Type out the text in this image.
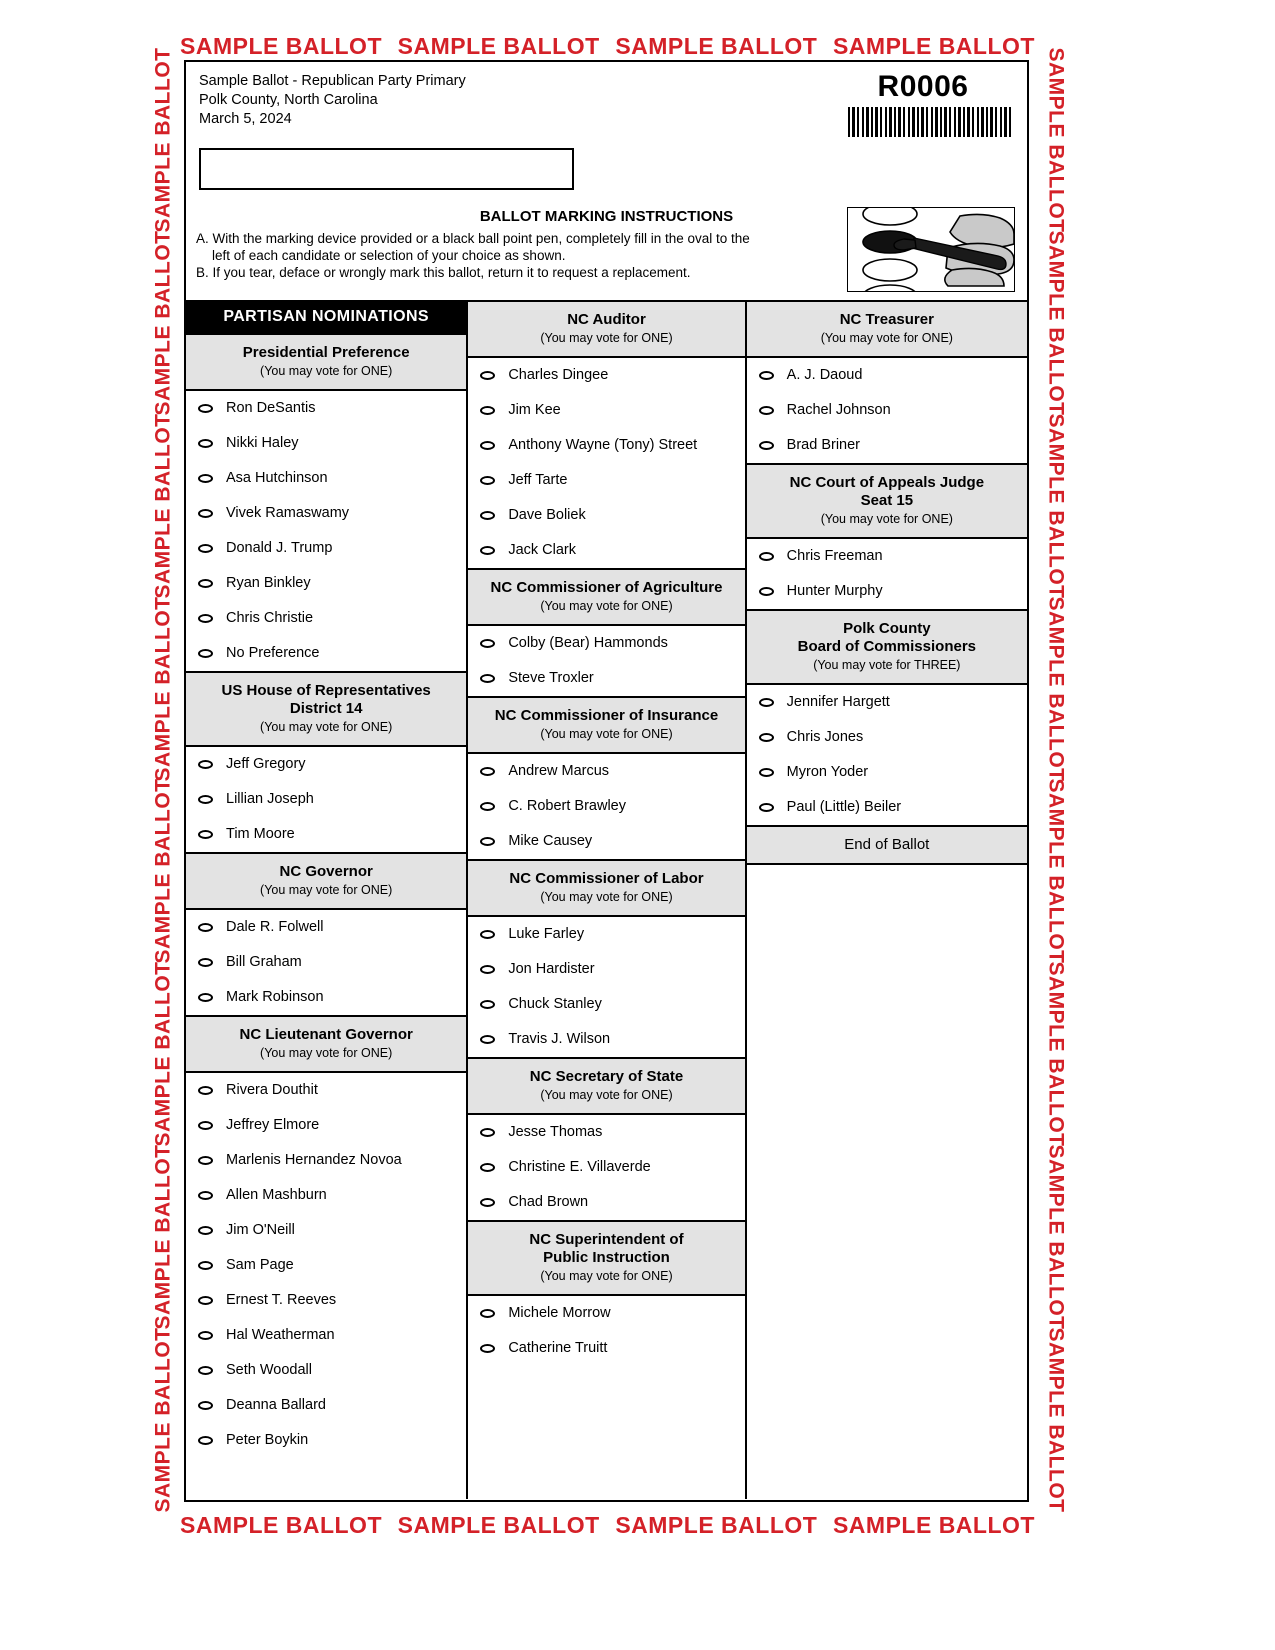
SAMPLE BALLOT SAMPLE BALLOT SAMPLE BALLOT SAMPLE BALLOT
SAMPLE BALLOT
SAMPLE BALLOT
SAMPLE BALLOT
SAMPLE BALLOT
SAMPLE BALLOT
SAMPLE BALLOT
SAMPLE BALLOT
SAMPLE BALLOT
SAMPLE BALLOT
SAMPLE BALLOT
SAMPLE BALLOT
SAMPLE BALLOT
SAMPLE BALLOT
SAMPLE BALLOT
SAMPLE BALLOT
SAMPLE BALLOT
SAMPLE BALLOT SAMPLE BALLOT SAMPLE BALLOT SAMPLE BALLOT
Sample Ballot - Republican Party Primary
Polk County, North Carolina
March 5, 2024
R0006
BALLOT MARKING INSTRUCTIONS
A. With the marking device provided or a black ball point pen, completely fill in the oval to the
left of each candidate or selection of your choice as shown.
B. If you tear, deface or wrongly mark this ballot, return it to request a replacement.
PARTISAN NOMINATIONS
Presidential Preference
(You may vote for ONE)
Ron DeSantis
Nikki Haley
Asa Hutchinson
Vivek Ramaswamy
Donald J. Trump
Ryan Binkley
Chris Christie
No Preference
US House of Representatives
District 14
(You may vote for ONE)
Jeff Gregory
Lillian Joseph
Tim Moore
NC Governor
(You may vote for ONE)
Dale R. Folwell
Bill Graham
Mark Robinson
NC Lieutenant Governor
(You may vote for ONE)
Rivera Douthit
Jeffrey Elmore
Marlenis Hernandez Novoa
Allen Mashburn
Jim O'Neill
Sam Page
Ernest T. Reeves
Hal Weatherman
Seth Woodall
Deanna Ballard
Peter Boykin
NC Auditor
(You may vote for ONE)
Charles Dingee
Jim Kee
Anthony Wayne (Tony) Street
Jeff Tarte
Dave Boliek
Jack Clark
NC Commissioner of Agriculture
(You may vote for ONE)
Colby (Bear) Hammonds
Steve Troxler
NC Commissioner of Insurance
(You may vote for ONE)
Andrew Marcus
C. Robert Brawley
Mike Causey
NC Commissioner of Labor
(You may vote for ONE)
Luke Farley
Jon Hardister
Chuck Stanley
Travis J. Wilson
NC Secretary of State
(You may vote for ONE)
Jesse Thomas
Christine E. Villaverde
Chad Brown
NC Superintendent of
Public Instruction
(You may vote for ONE)
Michele Morrow
Catherine Truitt
NC Treasurer
(You may vote for ONE)
A. J. Daoud
Rachel Johnson
Brad Briner
NC Court of Appeals Judge
Seat 15
(You may vote for ONE)
Chris Freeman
Hunter Murphy
Polk County
Board of Commissioners
(You may vote for THREE)
Jennifer Hargett
Chris Jones
Myron Yoder
Paul (Little) Beiler
End of Ballot
